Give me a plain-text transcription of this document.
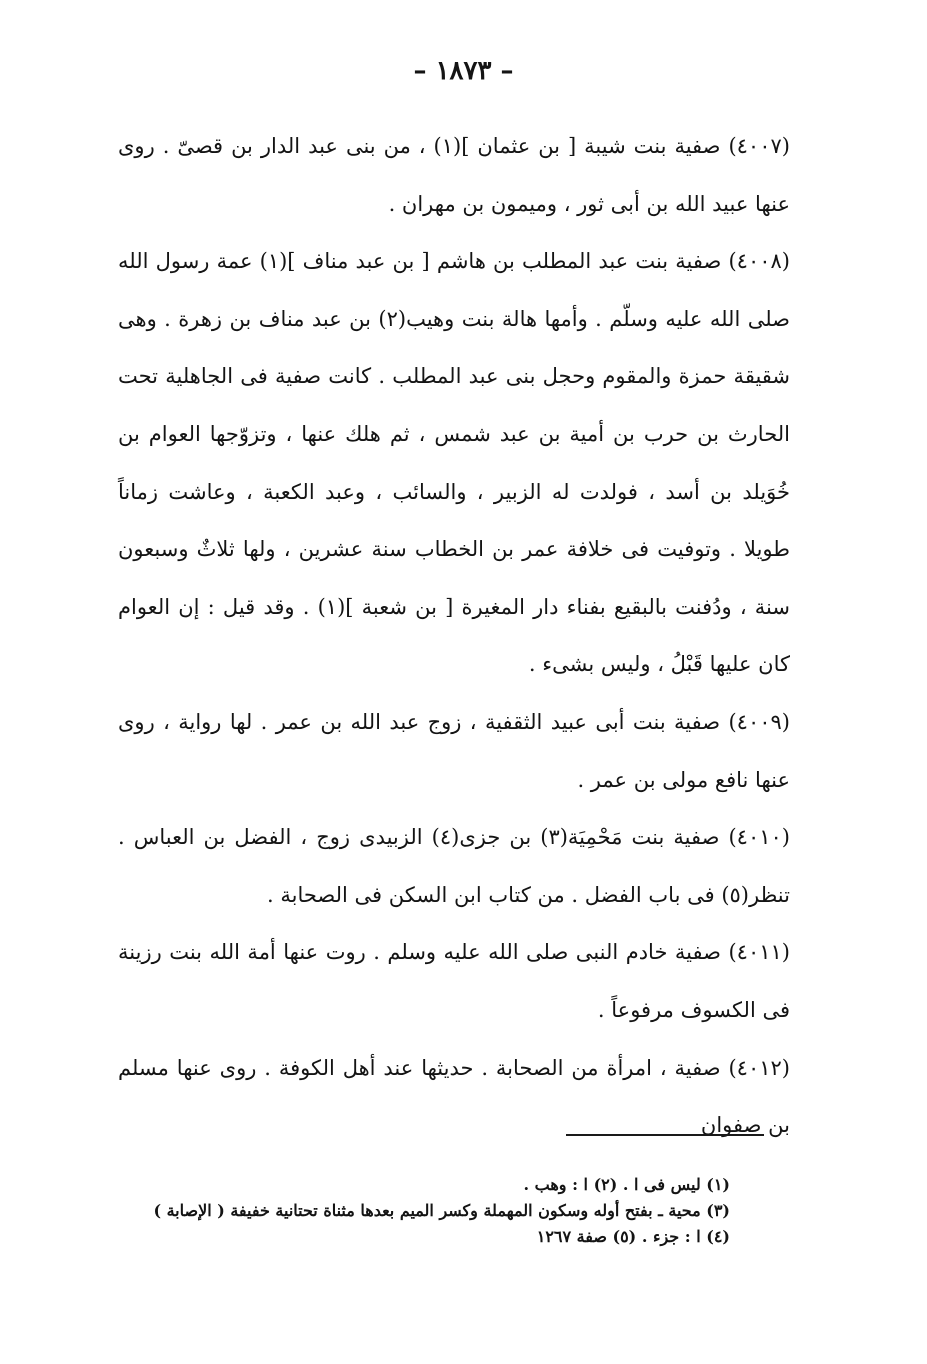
– ١٨٧٣ –

(٤٠٠٧) صفية بنت شيبة [ بن عثمان ](١) ، من بنى عبد الدار بن قصىّ . روى عنها عبيد الله بن أبى ثور ، وميمون بن مهران .

(٤٠٠٨) صفية بنت عبد المطلب بن هاشم [ بن عبد مناف ](١) عمة رسول الله صلى الله عليه وسلّم . وأمها هالة بنت وهيب(٢) بن عبد مناف بن زهرة . وهى شقيقة حمزة والمقوم وحجل بنى عبد المطلب . كانت صفية فى الجاهلية تحت الحارث بن حرب بن أمية بن عبد شمس ، ثم هلك عنها ، وتزوّجها العوام بن خُوَيلد بن أسد ، فولدت له الزبير ، والسائب ، وعبد الكعبة ، وعاشت زماناً طويلا . وتوفيت فى خلافة عمر بن الخطاب سنة عشرين ، ولها ثلاثٌ وسبعون سنة ، ودُفنت بالبقيع بفناء دار المغيرة [ بن شعبة ](١) . وقد قيل : إن العوام كان عليها قَبْلُ ، وليس بشىء .

(٤٠٠٩) صفية بنت أبى عبيد الثقفية ، زوج عبد الله بن عمر . لها رواية ، روى عنها نافع مولى بن عمر .

(٤٠١٠) صفية بنت مَحْمِيَة(٣) بن جزى(٤) الزبيدى زوج ، الفضل بن العباس . تنظر(٥) فى باب الفضل . من كتاب ابن السكن فى الصحابة .

(٤٠١١) صفية خادم النبى صلى الله عليه وسلم . روت عنها أمة الله بنت رزينة فى الكسوف مرفوعاً .

(٤٠١٢) صفية ، امرأة من الصحابة . حديثها عند أهل الكوفة . روى عنها مسلم بن صفوان

(١) ليس فى ا . (٢) ا : وهب .
(٣) محية ـ بفتح أوله وسكون المهملة وكسر الميم بعدها مثناة تحتانية خفيفة ( الإصابة )
(٤) ا : جزء . (٥) صفة ١٢٦٧
